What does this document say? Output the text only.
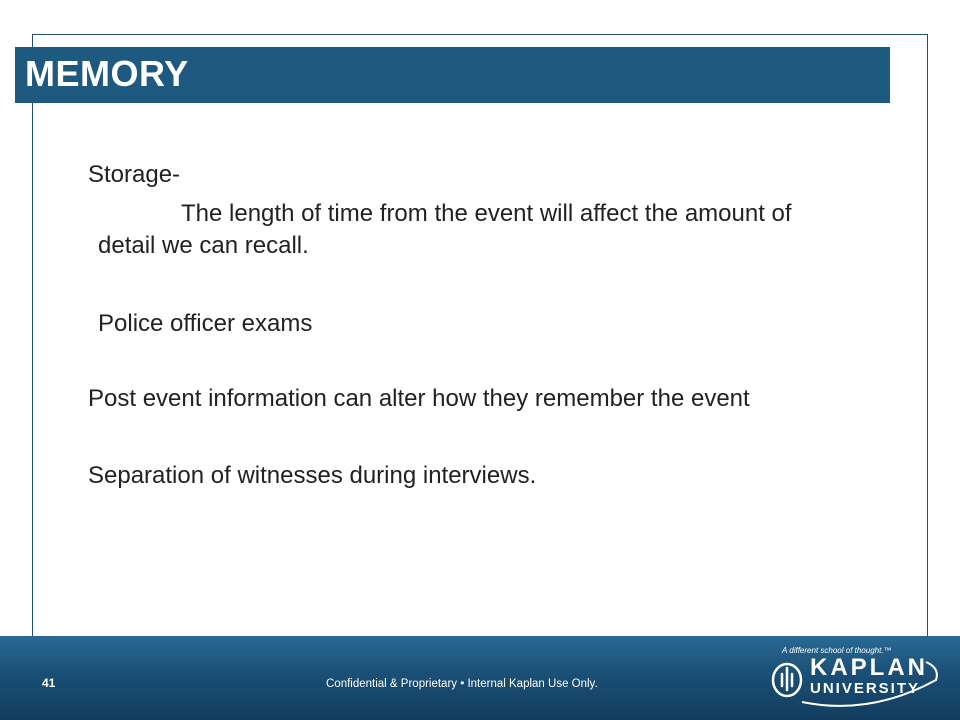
MEMORY
Storage-
The length of time from the event will affect the amount of
detail we can recall.
Police officer exams
Post event information can alter how they remember the event
Separation of witnesses during interviews.
41	Confidential & Proprietary • Internal Kaplan Use Only.
A different school of thought.™
KAPLAN
UNIVERSITY
